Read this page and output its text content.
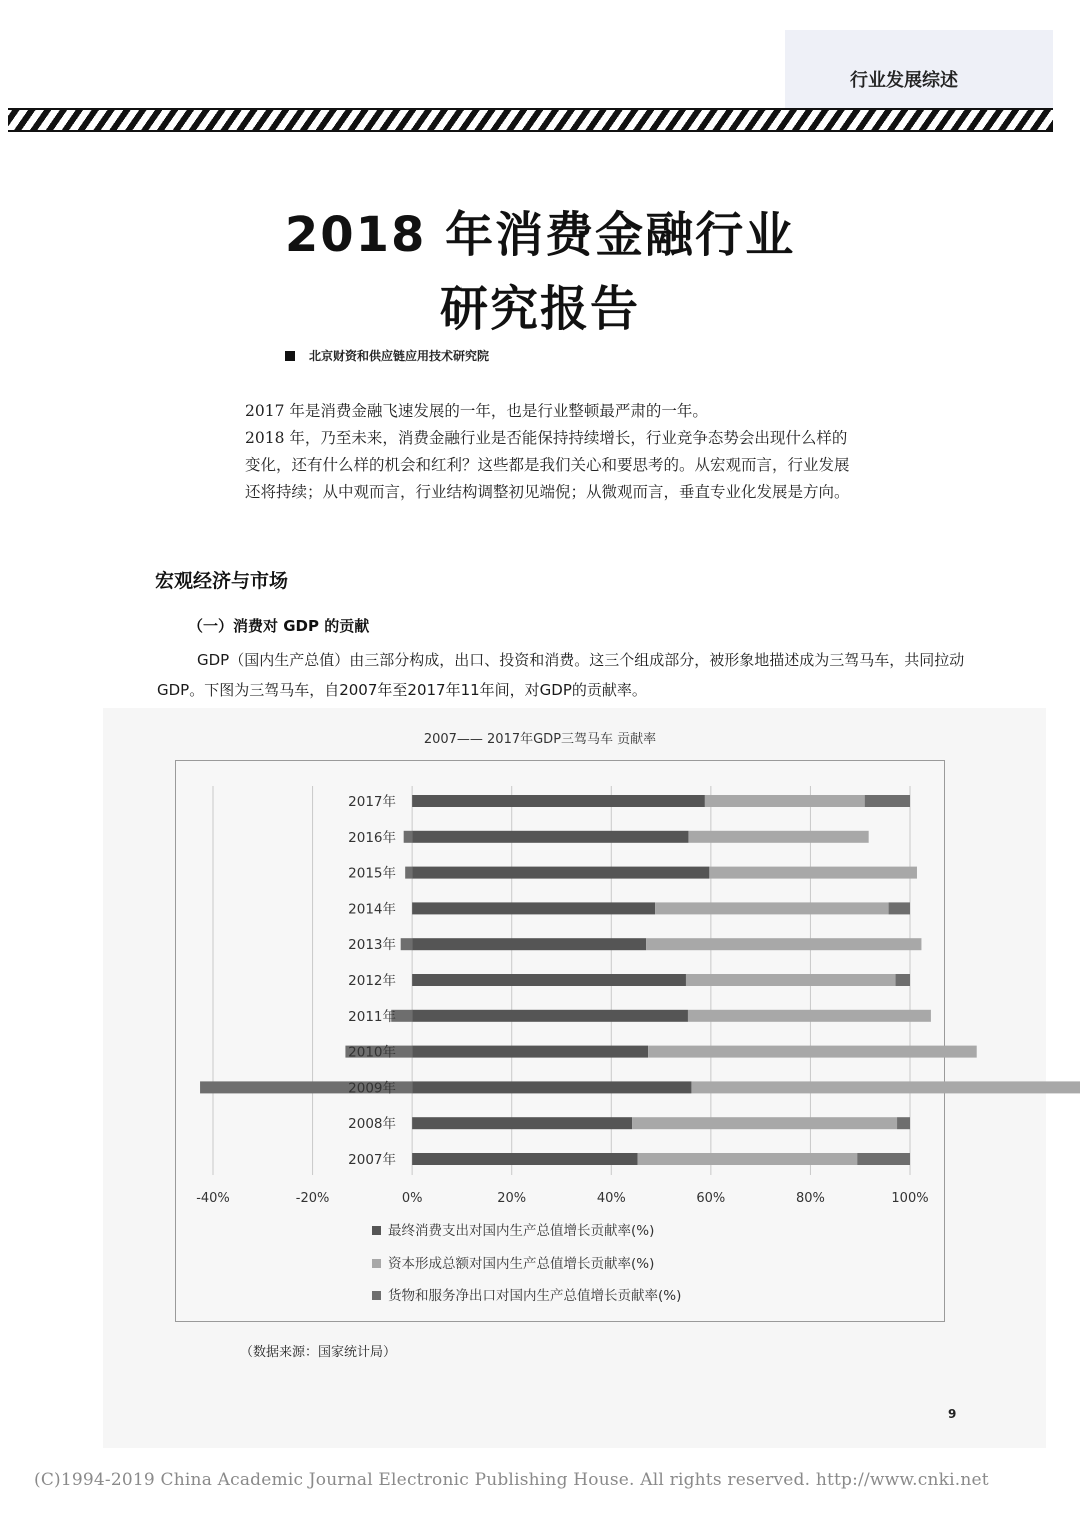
行业发展综述
2018 年消费金融行业
研究报告
北京财资和供应链应用技术研究院

2017 年是消费金融飞速发展的一年，也是行业整顿最严肃的一年。

2018 年，乃至未来，消费金融行业是否能保持持续增长，行业竞争态势会出现什么样的变化，还有什么样的机会和红利？这些都是我们关心和要思考的。从宏观而言，行业发展还将持续；从中观而言，行业结构调整初见端倪；从微观而言，垂直专业化发展是方向。

宏观经济与市场
（一）消费对 GDP 的贡献

GDP（国内生产总值）由三部分构成，出口、投资和消费。这三个组成部分，被形象地描述成为三驾马车，共同拉动GDP。下图为三驾马车，自2007年至2017年11年间，对GDP的贡献率。

2007—— 2017年GDP三驾马车 贡献率
-40%	-20%	0%	20%	40%	60%	80%	100%
2017年
2016年
2015年
2014年
2013年
2012年
2011年
2010年
2009年
2008年
2007年
最终消费支出对国内生产总值增长贡献率(%)
资本形成总额对国内生产总值增长贡献率(%)
货物和服务净出口对国内生产总值增长贡献率(%)
（数据来源：国家统计局）
9
(C)1994-2019 China Academic Journal Electronic Publishing House. All rights reserved. http://www.cnki.net
